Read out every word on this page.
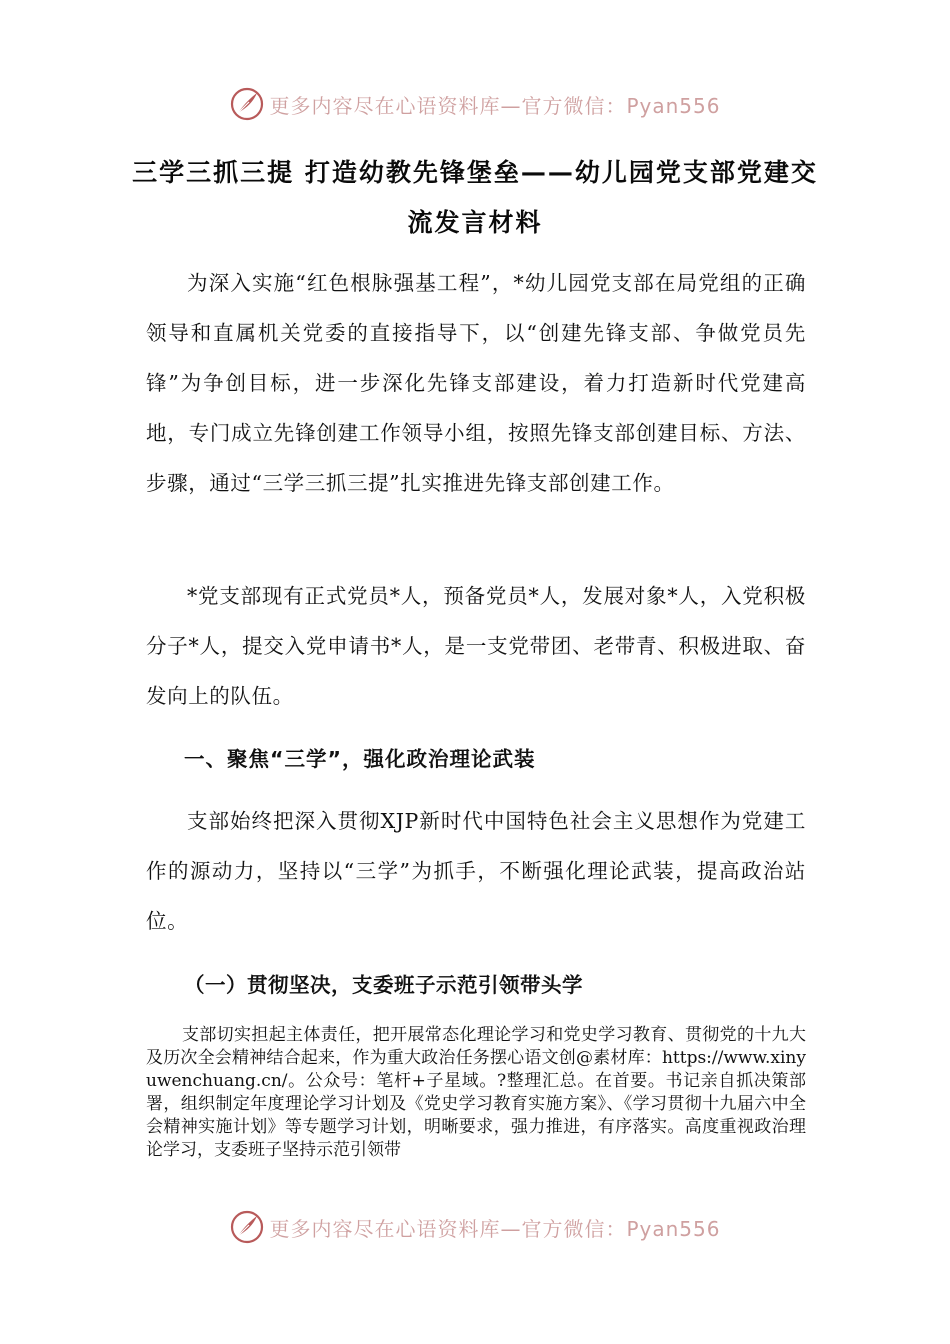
更多内容尽在心语资料库—官方微信：Pyan556
三学三抓三提 打造幼教先锋堡垒——幼儿园党支部党建交
流发言材料

为深入实施“红色根脉强基工程”，*幼儿园党支部在局党组的正确领导和直属机关党委的直接指导下，以“创建先锋支部、争做党员先锋”为争创目标，进一步深化先锋支部建设，着力打造新时代党建高地，专门成立先锋创建工作领导小组，按照先锋支部创建目标、方法、步骤，通过“三学三抓三提”扎实推进先锋支部创建工作。

*党支部现有正式党员*人，预备党员*人，发展对象*人，入党积极分子*人，提交入党申请书*人，是一支党带团、老带青、积极进取、奋发向上的队伍。

一、聚焦“三学”，强化政治理论武装

支部始终把深入贯彻XJP新时代中国特色社会主义思想作为党建工作的源动力，坚持以“三学”为抓手，不断强化理论武装，提高政治站位。

（一）贯彻坚决，支委班子示范引领带头学

支部切实担起主体责任，把开展常态化理论学习和党史学习教育、贯彻党的十九大及历次全会精神结合起来，作为重大政治任务摆心语文创@素材库：https://www.xinyuwenchuang.cn/。公众号：笔杆+子星域。?整理汇总。在首要。书记亲自抓决策部署，组织制定年度理论学习计划及《党史学习教育实施方案》、《学习贯彻十九届六中全会精神实施计划》等专题学习计划，明晰要求，强力推进，有序落实。高度重视政治理论学习，支委班子坚持示范引领带

更多内容尽在心语资料库—官方微信：Pyan556
